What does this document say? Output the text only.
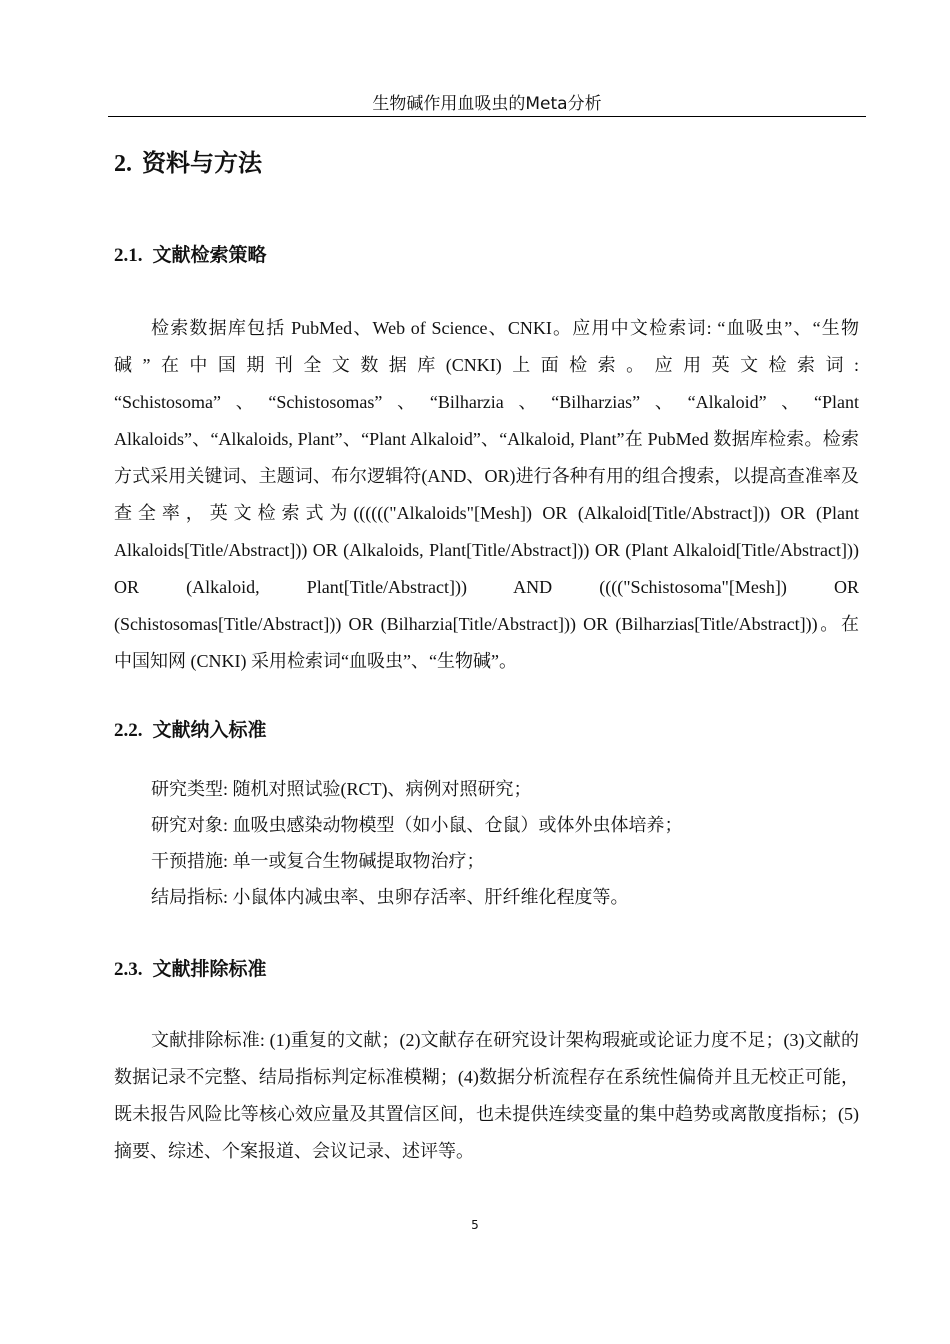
生物碱作用血吸虫的Meta分析
2. 资料与方法
2.1. 文献检索策略

检索数据库包括 PubMed、Web of Science、CNKI。应用中文检索词: “血吸虫”、“生物碱”在中国期刊全文数据库(CNKI)上面检索。应用英文检索词: “Schistosoma”、“Schistosomas”、“Bilharzia、“Bilharzias”、“Alkaloid”、“Plant Alkaloids”、“Alkaloids, Plant”、“Plant Alkaloid”、“Alkaloid, Plant”在 PubMed 数据库检索。检索方式采用关键词、主题词、布尔逻辑符(AND、OR)进行各种有用的组合搜索，以提高查准率及查全率，英文检索式为(((((("Alkaloids"[Mesh]) OR (Alkaloid[Title/Abstract])) OR (Plant Alkaloids[Title/Abstract])) OR (Alkaloids, Plant[Title/Abstract])) OR (Plant Alkaloid[Title/Abstract])) OR (Alkaloid, Plant[Title/Abstract])) AND (((("Schistosoma"[Mesh]) OR (Schistosomas[Title/Abstract])) OR (Bilharzia[Title/Abstract])) OR (Bilharzias[Title/Abstract]))。在中国知网 (CNKI) 采用检索词“血吸虫”、“生物碱”。

2.2. 文献纳入标准

研究类型: 随机对照试验(RCT)、病例对照研究；

研究对象: 血吸虫感染动物模型（如小鼠、仓鼠）或体外虫体培养；

干预措施: 单一或复合生物碱提取物治疗；

结局指标: 小鼠体内减虫率、虫卵存活率、肝纤维化程度等。

2.3. 文献排除标准

文献排除标准: (1)重复的文献；(2)文献存在研究设计架构瑕疵或论证力度不足；(3)文献的数据记录不完整、结局指标判定标准模糊；(4)数据分析流程存在系统性偏倚并且无校正可能，既未报告风险比等核心效应量及其置信区间，也未提供连续变量的集中趋势或离散度指标；(5)摘要、综述、个案报道、会议记录、述评等。

5
